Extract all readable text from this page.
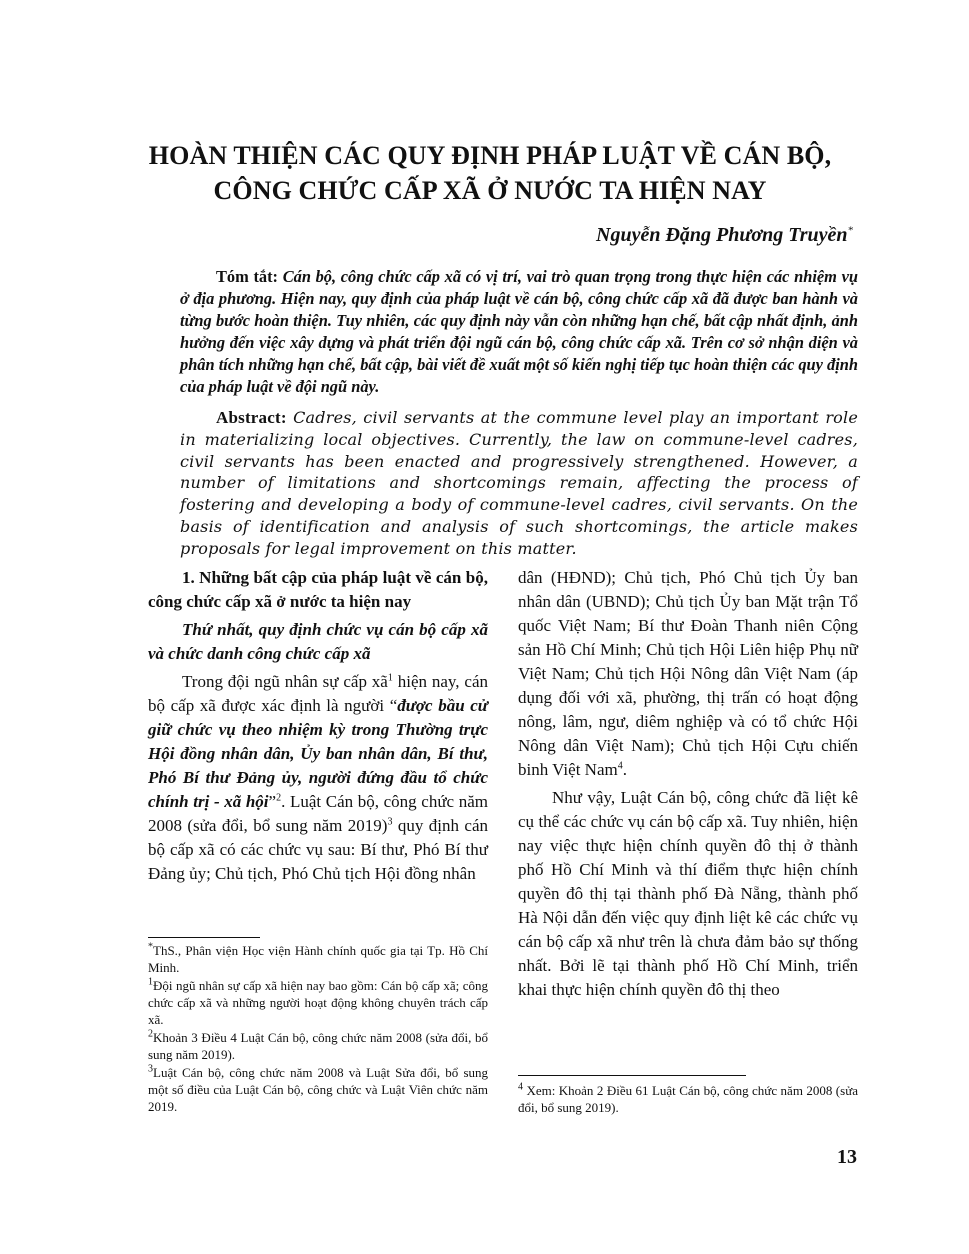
HOÀN THIỆN CÁC QUY ĐỊNH PHÁP LUẬT VỀ CÁN BỘ,
CÔNG CHỨC CẤP XÃ Ở NƯỚC TA HIỆN NAY
Nguyễn Đặng Phương Truyền*

Tóm tắt: Cán bộ, công chức cấp xã có vị trí, vai trò quan trọng trong thực hiện các nhiệm vụ ở địa phương. Hiện nay, quy định của pháp luật về cán bộ, công chức cấp xã đã được ban hành và từng bước hoàn thiện. Tuy nhiên, các quy định này vẫn còn những hạn chế, bất cập nhất định, ảnh hưởng đến việc xây dựng và phát triển đội ngũ cán bộ, công chức cấp xã. Trên cơ sở nhận diện và phân tích những hạn chế, bất cập, bài viết đề xuất một số kiến nghị tiếp tục hoàn thiện các quy định của pháp luật về đội ngũ này.

Abstract: Cadres, civil servants at the commune level play an important role in materializing local objectives. Currently, the law on commune-level cadres, civil servants has been enacted and progressively strengthened. However, a number of limitations and shortcomings remain, affecting the process of fostering and developing a body of commune-level cadres, civil servants. On the basis of identification and analysis of such shortcomings, the article makes proposals for legal improvement on this matter.

1. Những bất cập của pháp luật về cán bộ, công chức cấp xã ở nước ta hiện nay

Thứ nhất, quy định chức vụ cán bộ cấp xã và chức danh công chức cấp xã

Trong đội ngũ nhân sự cấp $xã^1$ hiện nay, cán bộ cấp xã được xác định là người “được bầu cử giữ chức vụ theo nhiệm kỳ trong Thường trực Hội đồng nhân dân, Ủy ban nhân dân, Bí thư, Phó Bí thư Đảng ủy, người đứng đầu tổ chức chính trị - xã hội”$^2$. Luật Cán bộ, công chức năm 2008 (sửa đổi, bổ sung năm 2019)$^3$ quy định cán bộ cấp xã có các chức vụ sau: Bí thư, Phó Bí thư Đảng ủy; Chủ tịch, Phó Chủ tịch Hội đồng nhân

dân (HĐND); Chủ tịch, Phó Chủ tịch Ủy ban nhân dân (UBND); Chủ tịch Ủy ban Mặt trận Tổ quốc Việt Nam; Bí thư Đoàn Thanh niên Cộng sản Hồ Chí Minh; Chủ tịch Hội Liên hiệp Phụ nữ Việt Nam; Chủ tịch Hội Nông dân Việt Nam (áp dụng đối với xã, phường, thị trấn có hoạt động nông, lâm, ngư, diêm nghiệp và có tổ chức Hội Nông dân Việt Nam); Chủ tịch Hội Cựu chiến binh Việt Nam$^4$.

Như vậy, Luật Cán bộ, công chức đã liệt kê cụ thể các chức vụ cán bộ cấp xã. Tuy nhiên, hiện nay việc thực hiện chính quyền đô thị ở thành phố Hồ Chí Minh và thí điểm thực hiện chính quyền đô thị tại thành phố Đà Nẵng, thành phố Hà Nội dẫn đến việc quy định liệt kê các chức vụ cán bộ cấp xã như trên là chưa đảm bảo sự thống nhất. Bởi lẽ tại thành phố Hồ Chí Minh, triển khai thực hiện chính quyền đô thị theo

*ThS., Phân viện Học viện Hành chính quốc gia tại Tp. Hồ Chí Minh.

$^1$Đội ngũ nhân sự cấp xã hiện nay bao gồm: Cán bộ cấp xã; công chức cấp xã và những người hoạt động không chuyên trách cấp xã.

$^2$Khoản 3 Điều 4 Luật Cán bộ, công chức năm 2008 (sửa đổi, bổ sung năm 2019).

$^3$Luật Cán bộ, công chức năm 2008 và Luật Sửa đổi, bổ sung một số điều của Luật Cán bộ, công chức và Luật Viên chức năm 2019.

$^4$ Xem: Khoản 2 Điều 61 Luật Cán bộ, công chức năm 2008 (sửa đổi, bổ sung 2019).

13
